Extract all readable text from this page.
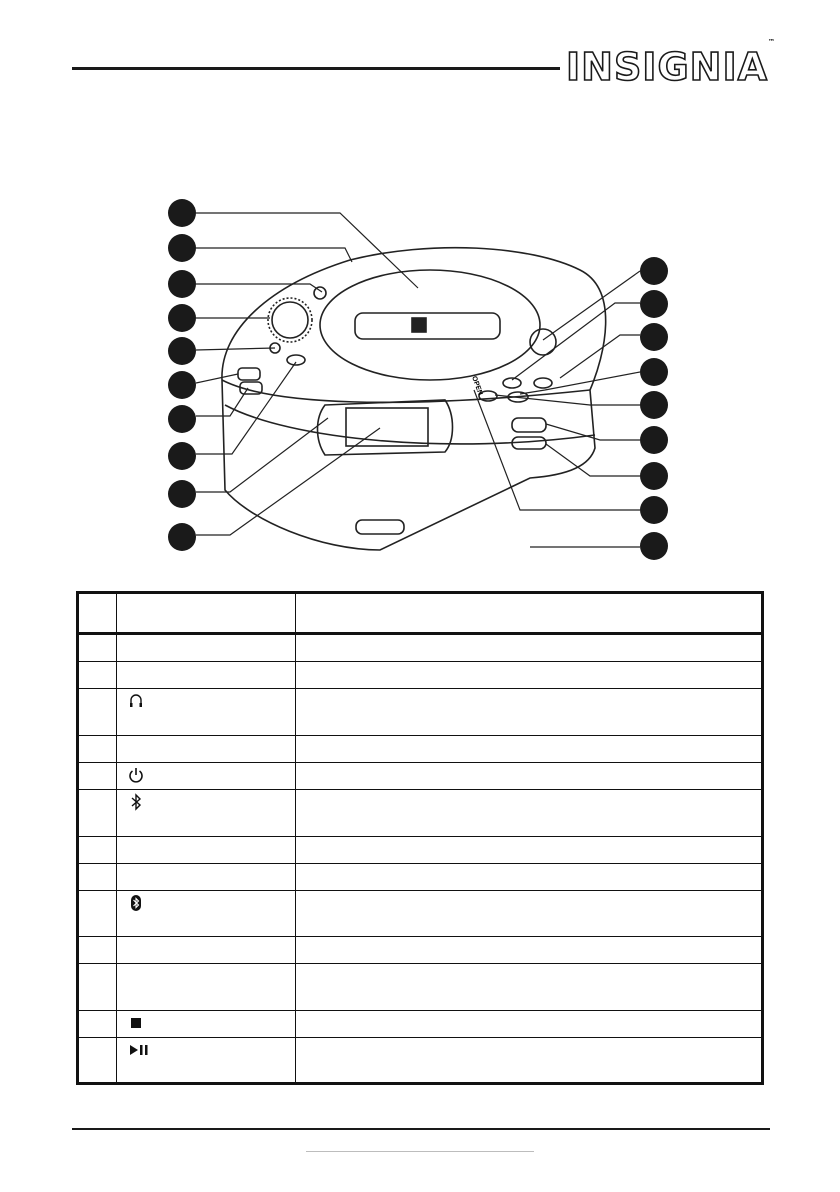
INSIGNIA™
OPEN
